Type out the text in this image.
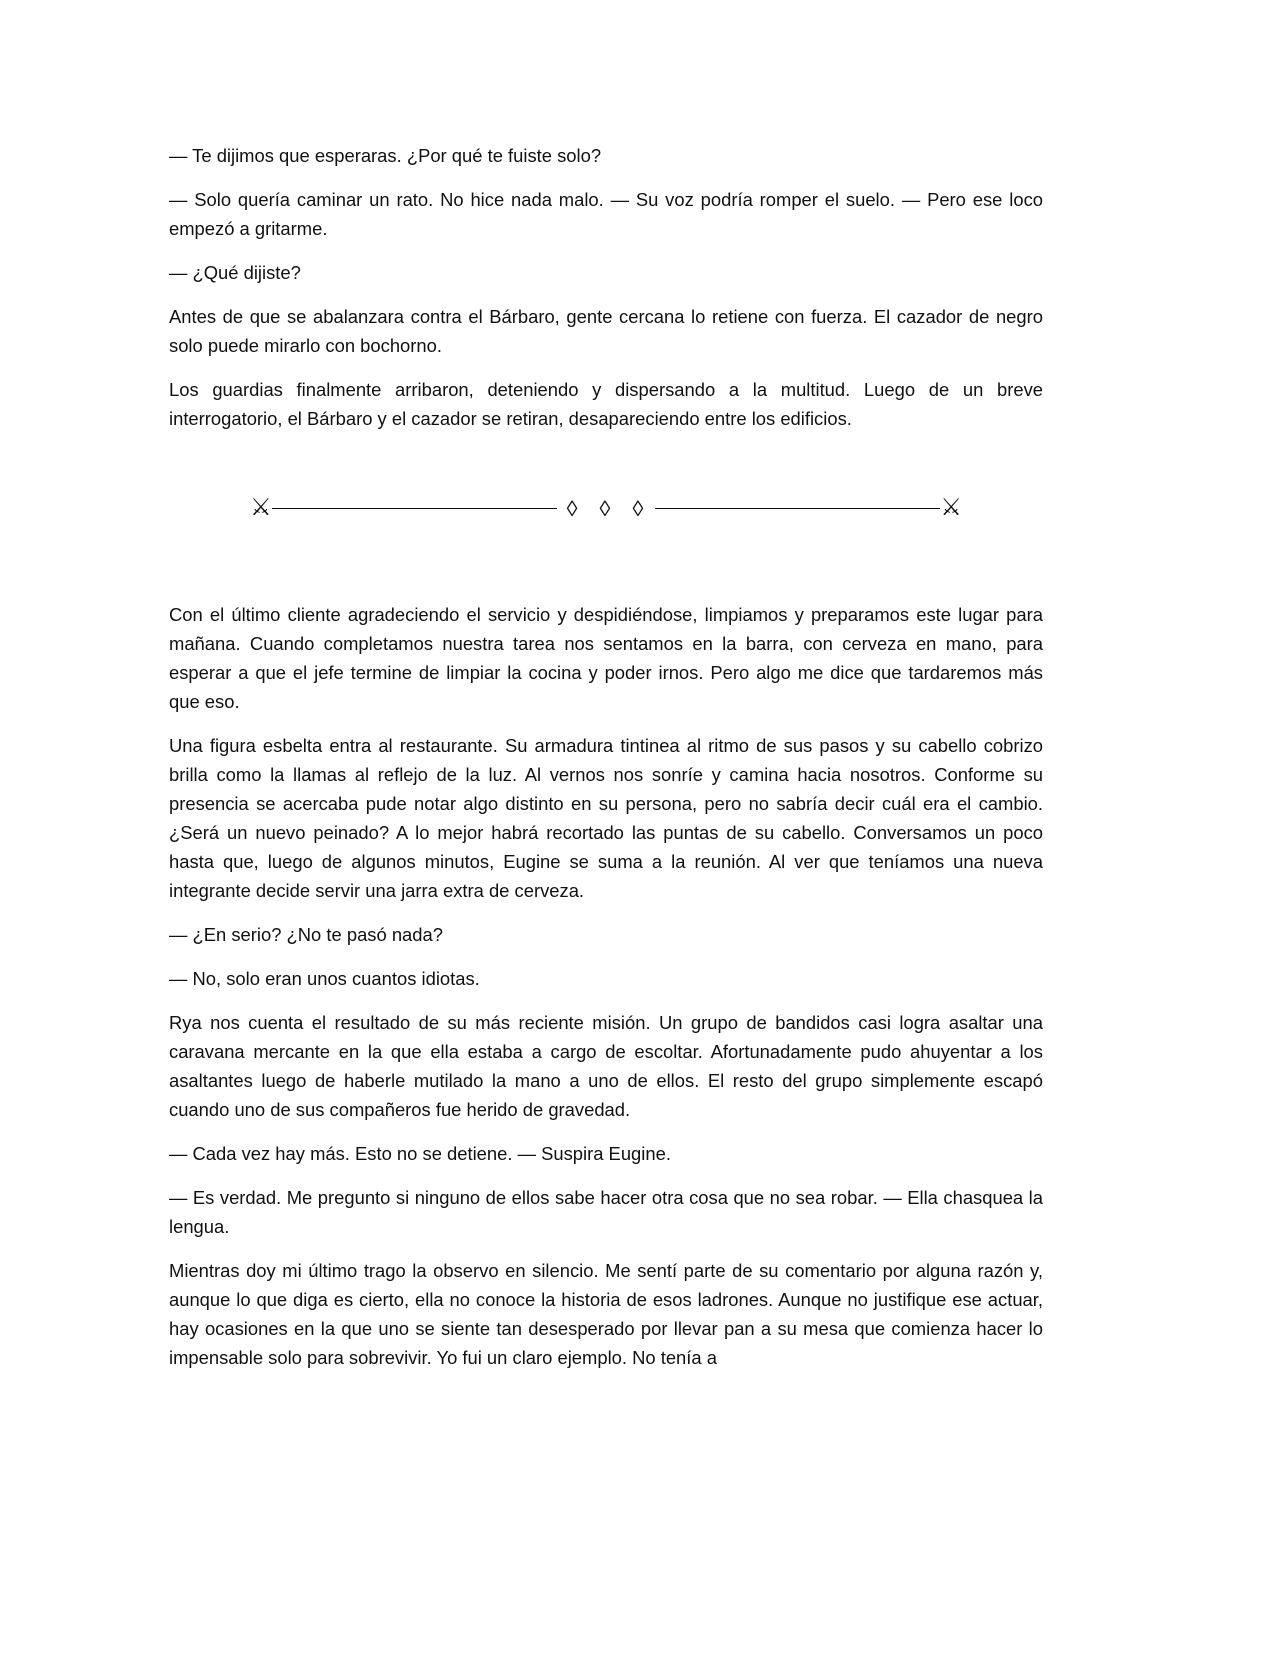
— Te dijimos que esperaras. ¿Por qué te fuiste solo?

— Solo quería caminar un rato. No hice nada malo. — Su voz podría romper el suelo. — Pero ese loco empezó a gritarme.

— ¿Qué dijiste?

Antes de que se abalanzara contra el Bárbaro, gente cercana lo retiene con fuerza. El cazador de negro solo puede mirarlo con bochorno.

Los guardias finalmente arribaron, deteniendo y dispersando a la multitud. Luego de un breve interrogatorio, el Bárbaro y el cazador se retiran, desapareciendo entre los edificios.

⚔	◊ ◊ ◊	⚔

Con el último cliente agradeciendo el servicio y despidiéndose, limpiamos y preparamos este lugar para mañana. Cuando completamos nuestra tarea nos sentamos en la barra, con cerveza en mano, para esperar a que el jefe termine de limpiar la cocina y poder irnos. Pero algo me dice que tardaremos más que eso.

Una figura esbelta entra al restaurante. Su armadura tintinea al ritmo de sus pasos y su cabello cobrizo brilla como la llamas al reflejo de la luz. Al vernos nos sonríe y camina hacia nosotros. Conforme su presencia se acercaba pude notar algo distinto en su persona, pero no sabría decir cuál era el cambio. ¿Será un nuevo peinado? A lo mejor habrá recortado las puntas de su cabello. Conversamos un poco hasta que, luego de algunos minutos, Eugine se suma a la reunión. Al ver que teníamos una nueva integrante decide servir una jarra extra de cerveza.

— ¿En serio? ¿No te pasó nada?

— No, solo eran unos cuantos idiotas.

Rya nos cuenta el resultado de su más reciente misión. Un grupo de bandidos casi logra asaltar una caravana mercante en la que ella estaba a cargo de escoltar. Afortunadamente pudo ahuyentar a los asaltantes luego de haberle mutilado la mano a uno de ellos. El resto del grupo simplemente escapó cuando uno de sus compañeros fue herido de gravedad.

— Cada vez hay más. Esto no se detiene. — Suspira Eugine.

— Es verdad. Me pregunto si ninguno de ellos sabe hacer otra cosa que no sea robar. — Ella chasquea la lengua.

Mientras doy mi último trago la observo en silencio. Me sentí parte de su comentario por alguna razón y, aunque lo que diga es cierto, ella no conoce la historia de esos ladrones. Aunque no justifique ese actuar, hay ocasiones en la que uno se siente tan desesperado por llevar pan a su mesa que comienza hacer lo impensable solo para sobrevivir. Yo fui un claro ejemplo. No tenía a
